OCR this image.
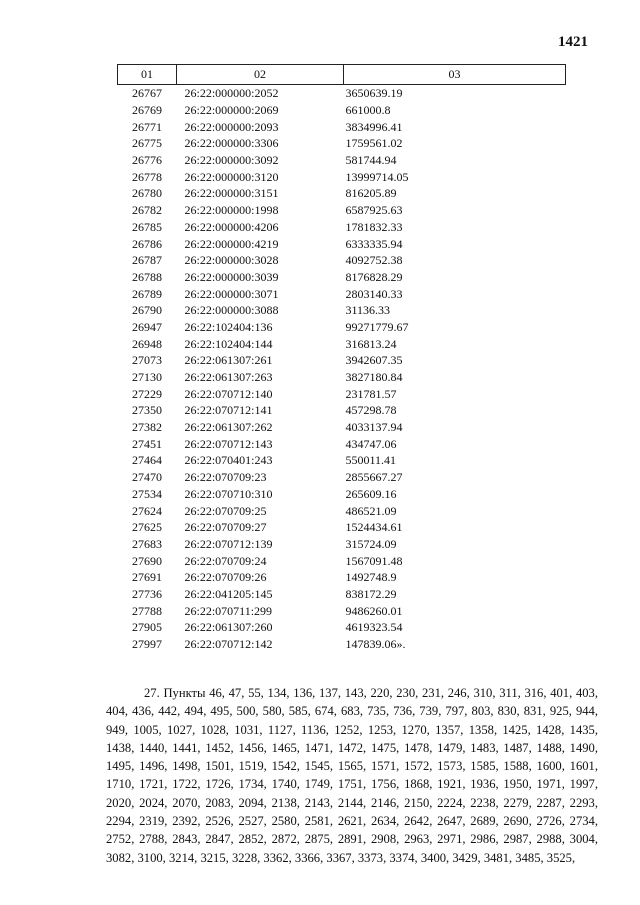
1421
01	02	03
26767	26:22:000000:2052	3650639.19
26769	26:22:000000:2069	661000.8
26771	26:22:000000:2093	3834996.41
26775	26:22:000000:3306	1759561.02
26776	26:22:000000:3092	581744.94
26778	26:22:000000:3120	13999714.05
26780	26:22:000000:3151	816205.89
26782	26:22:000000:1998	6587925.63
26785	26:22:000000:4206	1781832.33
26786	26:22:000000:4219	6333335.94
26787	26:22:000000:3028	4092752.38
26788	26:22:000000:3039	8176828.29
26789	26:22:000000:3071	2803140.33
26790	26:22:000000:3088	31136.33
26947	26:22:102404:136	99271779.67
26948	26:22:102404:144	316813.24
27073	26:22:061307:261	3942607.35
27130	26:22:061307:263	3827180.84
27229	26:22:070712:140	231781.57
27350	26:22:070712:141	457298.78
27382	26:22:061307:262	4033137.94
27451	26:22:070712:143	434747.06
27464	26:22:070401:243	550011.41
27470	26:22:070709:23	2855667.27
27534	26:22:070710:310	265609.16
27624	26:22:070709:25	486521.09
27625	26:22:070709:27	1524434.61
27683	26:22:070712:139	315724.09
27690	26:22:070709:24	1567091.48
27691	26:22:070709:26	1492748.9
27736	26:22:041205:145	838172.29
27788	26:22:070711:299	9486260.01
27905	26:22:061307:260	4619323.54
27997	26:22:070712:142	147839.06».

27. Пункты 46, 47, 55, 134, 136, 137, 143, 220, 230, 231, 246, 310, 311, 316, 401, 403, 404, 436, 442, 494, 495, 500, 580, 585, 674, 683, 735, 736, 739, 797, 803, 830, 831, 925, 944, 949, 1005, 1027, 1028, 1031, 1127, 1136, 1252, 1253, 1270, 1357, 1358, 1425, 1428, 1435, 1438, 1440, 1441, 1452, 1456, 1465, 1471, 1472, 1475, 1478, 1479, 1483, 1487, 1488, 1490, 1495, 1496, 1498, 1501, 1519, 1542, 1545, 1565, 1571, 1572, 1573, 1585, 1588, 1600, 1601, 1710, 1721, 1722, 1726, 1734, 1740, 1749, 1751, 1756, 1868, 1921, 1936, 1950, 1971, 1997, 2020, 2024, 2070, 2083, 2094, 2138, 2143, 2144, 2146, 2150, 2224, 2238, 2279, 2287, 2293, 2294, 2319, 2392, 2526, 2527, 2580, 2581, 2621, 2634, 2642, 2647, 2689, 2690, 2726, 2734, 2752, 2788, 2843, 2847, 2852, 2872, 2875, 2891, 2908, 2963, 2971, 2986, 2987, 2988, 3004, 3082, 3100, 3214, 3215, 3228, 3362, 3366, 3367, 3373, 3374, 3400, 3429, 3481, 3485, 3525,
